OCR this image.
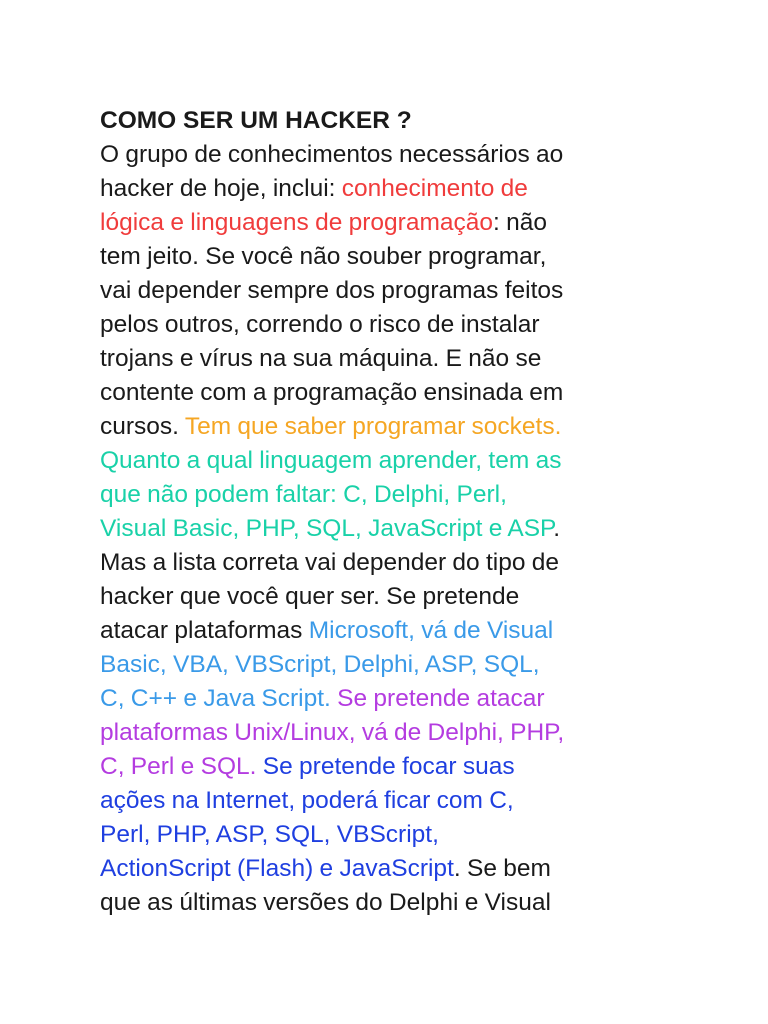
COMO SER UM HACKER ?
O grupo de conhecimentos necessários ao
hacker de hoje, inclui: conhecimento de
lógica e linguagens de programação: não
tem jeito. Se você não souber programar,
vai depender sempre dos programas feitos
pelos outros, correndo o risco de instalar
trojans e vírus na sua máquina. E não se
contente com a programação ensinada em
cursos. Tem que saber programar sockets.
Quanto a qual linguagem aprender, tem as
que não podem faltar: C, Delphi, Perl,
Visual Basic, PHP, SQL, JavaScript e ASP.
Mas a lista correta vai depender do tipo de
hacker que você quer ser. Se pretende
atacar plataformas Microsoft, vá de Visual
Basic, VBA, VBScript, Delphi, ASP, SQL,
C, C++ e Java Script. Se pretende atacar
plataformas Unix/Linux, vá de Delphi, PHP,
C, Perl e SQL. Se pretende focar suas
ações na Internet, poderá ficar com C,
Perl, PHP, ASP, SQL, VBScript,
ActionScript (Flash) e JavaScript. Se bem
que as últimas versões do Delphi e Visual
